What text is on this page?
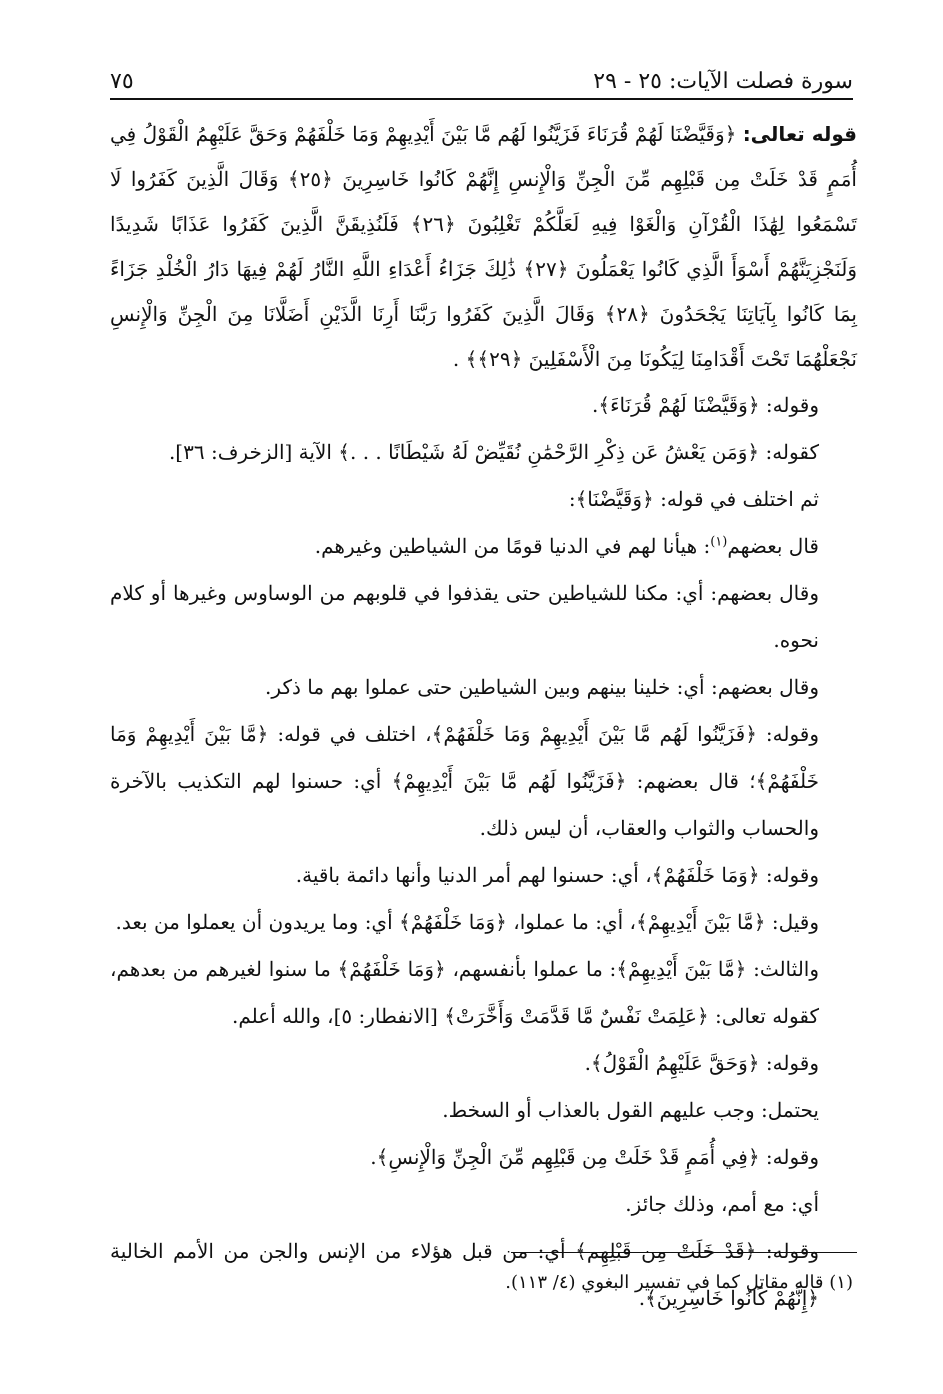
سورة فصلت الآيات: ٢٥ - ٢٩
٧٥

قوله تعالى: ﴿وَقَيَّضْنَا لَهُمْ قُرَنَاءَ فَزَيَّنُوا لَهُم مَّا بَيْنَ أَيْدِيهِمْ وَمَا خَلْفَهُمْ وَحَقَّ عَلَيْهِمُ الْقَوْلُ فِي أُمَمٍ قَدْ خَلَتْ مِن قَبْلِهِم مِّنَ الْجِنِّ وَالْإِنسِ إِنَّهُمْ كَانُوا خَاسِرِينَ ﴿٢٥﴾ وَقَالَ الَّذِينَ كَفَرُوا لَا تَسْمَعُوا لِهَٰذَا الْقُرْآنِ وَالْغَوْا فِيهِ لَعَلَّكُمْ تَغْلِبُونَ ﴿٢٦﴾ فَلَنُذِيقَنَّ الَّذِينَ كَفَرُوا عَذَابًا شَدِيدًا وَلَنَجْزِيَنَّهُمْ أَسْوَأَ الَّذِي كَانُوا يَعْمَلُونَ ﴿٢٧﴾ ذَٰلِكَ جَزَاءُ أَعْدَاءِ اللَّهِ النَّارُ لَهُمْ فِيهَا دَارُ الْخُلْدِ جَزَاءً بِمَا كَانُوا بِآيَاتِنَا يَجْحَدُونَ ﴿٢٨﴾ وَقَالَ الَّذِينَ كَفَرُوا رَبَّنَا أَرِنَا الَّذَيْنِ أَضَلَّانَا مِنَ الْجِنِّ وَالْإِنسِ نَجْعَلْهُمَا تَحْتَ أَقْدَامِنَا لِيَكُونَا مِنَ الْأَسْفَلِينَ ﴿٢٩﴾﴾ .

وقوله: ﴿وَقَيَّضْنَا لَهُمْ قُرَنَاءَ﴾.

كقوله: ﴿وَمَن يَعْشُ عَن ذِكْرِ الرَّحْمَٰنِ نُقَيِّضْ لَهُ شَيْطَانًا . . .﴾ الآية [الزخرف: ٣٦].

ثم اختلف في قوله: ﴿وَقَيَّضْنَا﴾:

قال بعضهم$^{(١)}$: هيأنا لهم في الدنيا قومًا من الشياطين وغيرهم.

وقال بعضهم: أي: مكنا للشياطين حتى يقذفوا في قلوبهم من الوساوس وغيرها أو كلام نحوه.

وقال بعضهم: أي: خلينا بينهم وبين الشياطين حتى عملوا بهم ما ذكر.

وقوله: ﴿فَزَيَّنُوا لَهُم مَّا بَيْنَ أَيْدِيهِمْ وَمَا خَلْفَهُمْ﴾، اختلف في قوله: ﴿مَّا بَيْنَ أَيْدِيهِمْ وَمَا خَلْفَهُمْ﴾؛ قال بعضهم: ﴿فَزَيَّنُوا لَهُم مَّا بَيْنَ أَيْدِيهِمْ﴾ أي: حسنوا لهم التكذيب بالآخرة والحساب والثواب والعقاب، أن ليس ذلك.

وقوله: ﴿وَمَا خَلْفَهُمْ﴾، أي: حسنوا لهم أمر الدنيا وأنها دائمة باقية.

وقيل: ﴿مَّا بَيْنَ أَيْدِيهِمْ﴾، أي: ما عملوا، ﴿وَمَا خَلْفَهُمْ﴾ أي: وما يريدون أن يعملوا من بعد.

والثالث: ﴿مَّا بَيْنَ أَيْدِيهِمْ﴾: ما عملوا بأنفسهم، ﴿وَمَا خَلْفَهُمْ﴾ ما سنوا لغيرهم من بعدهم، كقوله تعالى: ﴿عَلِمَتْ نَفْسٌ مَّا قَدَّمَتْ وَأَخَّرَتْ﴾ [الانفطار: ٥]، والله أعلم.

وقوله: ﴿وَحَقَّ عَلَيْهِمُ الْقَوْلُ﴾.

يحتمل: وجب عليهم القول بالعذاب أو السخط.

وقوله: ﴿فِي أُمَمٍ قَدْ خَلَتْ مِن قَبْلِهِم مِّنَ الْجِنِّ وَالْإِنسِ﴾.

أي: مع أمم، وذلك جائز.

وقوله: ﴿قَدْ خَلَتْ مِن قَبْلِهِم﴾ أي: من قبل هؤلاء من الإنس والجن من الأمم الخالية ﴿إِنَّهُمْ كَانُوا خَاسِرِينَ﴾.

(١) قاله مقاتل كما في تفسير البغوي (٤/ ١١٣).
